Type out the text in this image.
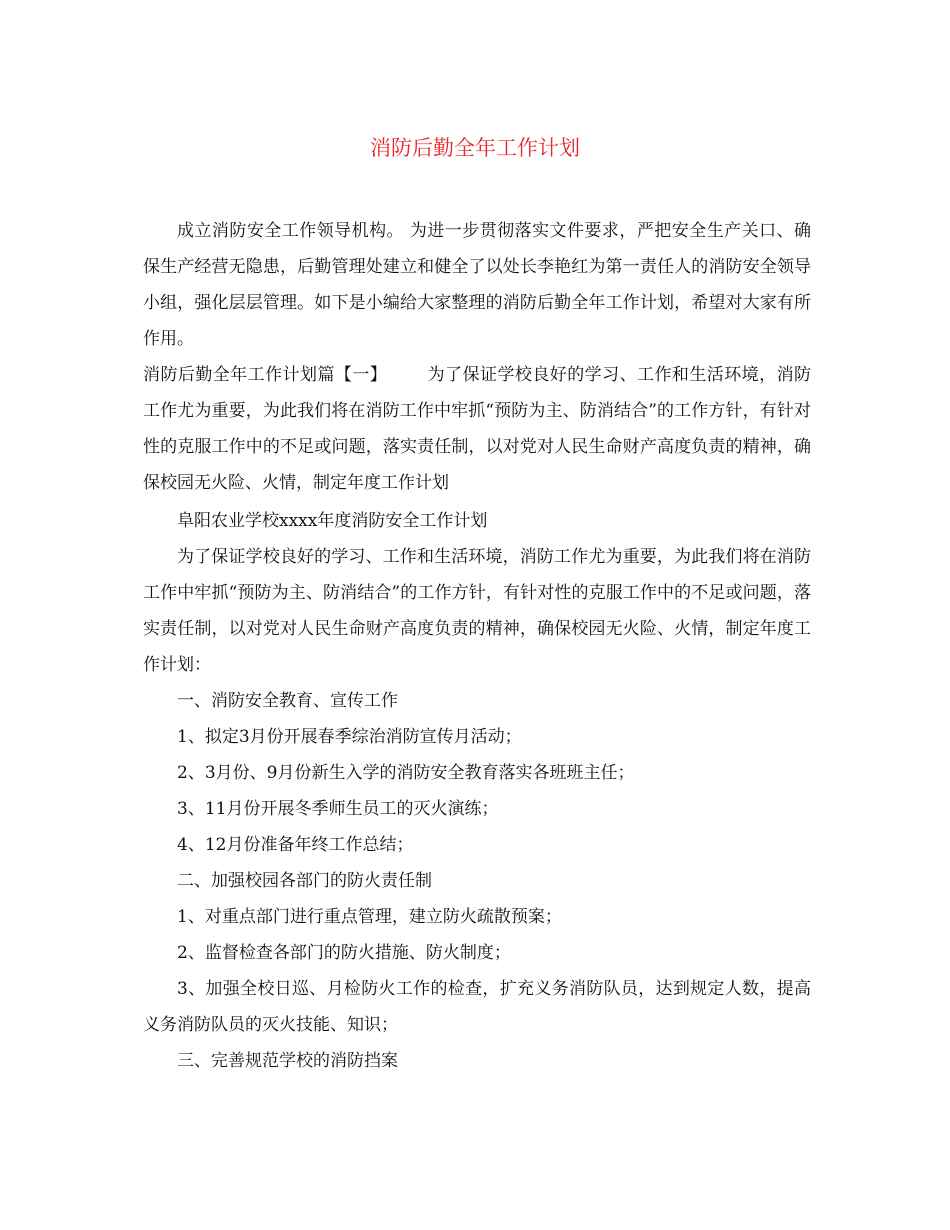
消防后勤全年工作计划

成立消防安全工作领导机构。 为进一步贯彻落实文件要求，严把安全生产关口、确保生产经营无隐患，后勤管理处建立和健全了以处长李艳红为第一责任人的消防安全领导小组，强化层层管理。如下是小编给大家整理的消防后勤全年工作计划，希望对大家有所作用。

消防后勤全年工作计划篇【一】 为了保证学校良好的学习、工作和生活环境，消防工作尤为重要，为此我们将在消防工作中牢抓“预防为主、防消结合”的工作方针，有针对性的克服工作中的不足或问题，落实责任制，以对党对人民生命财产高度负责的精神，确保校园无火险、火情，制定年度工作计划

阜阳农业学校xxxx年度消防安全工作计划

为了保证学校良好的学习、工作和生活环境，消防工作尤为重要，为此我们将在消防工作中牢抓“预防为主、防消结合”的工作方针，有针对性的克服工作中的不足或问题，落实责任制，以对党对人民生命财产高度负责的精神，确保校园无火险、火情，制定年度工作计划：

一、消防安全教育、宣传工作

1、拟定3月份开展春季综治消防宣传月活动；

2、3月份、9月份新生入学的消防安全教育落实各班班主任；

3、11月份开展冬季师生员工的灭火演练；

4、12月份准备年终工作总结；

二、加强校园各部门的防火责任制

1、对重点部门进行重点管理，建立防火疏散预案；

2、监督检查各部门的防火措施、防火制度；

3、加强全校日巡、月检防火工作的检查，扩充义务消防队员，达到规定人数，提高义务消防队员的灭火技能、知识；

三、完善规范学校的消防挡案
